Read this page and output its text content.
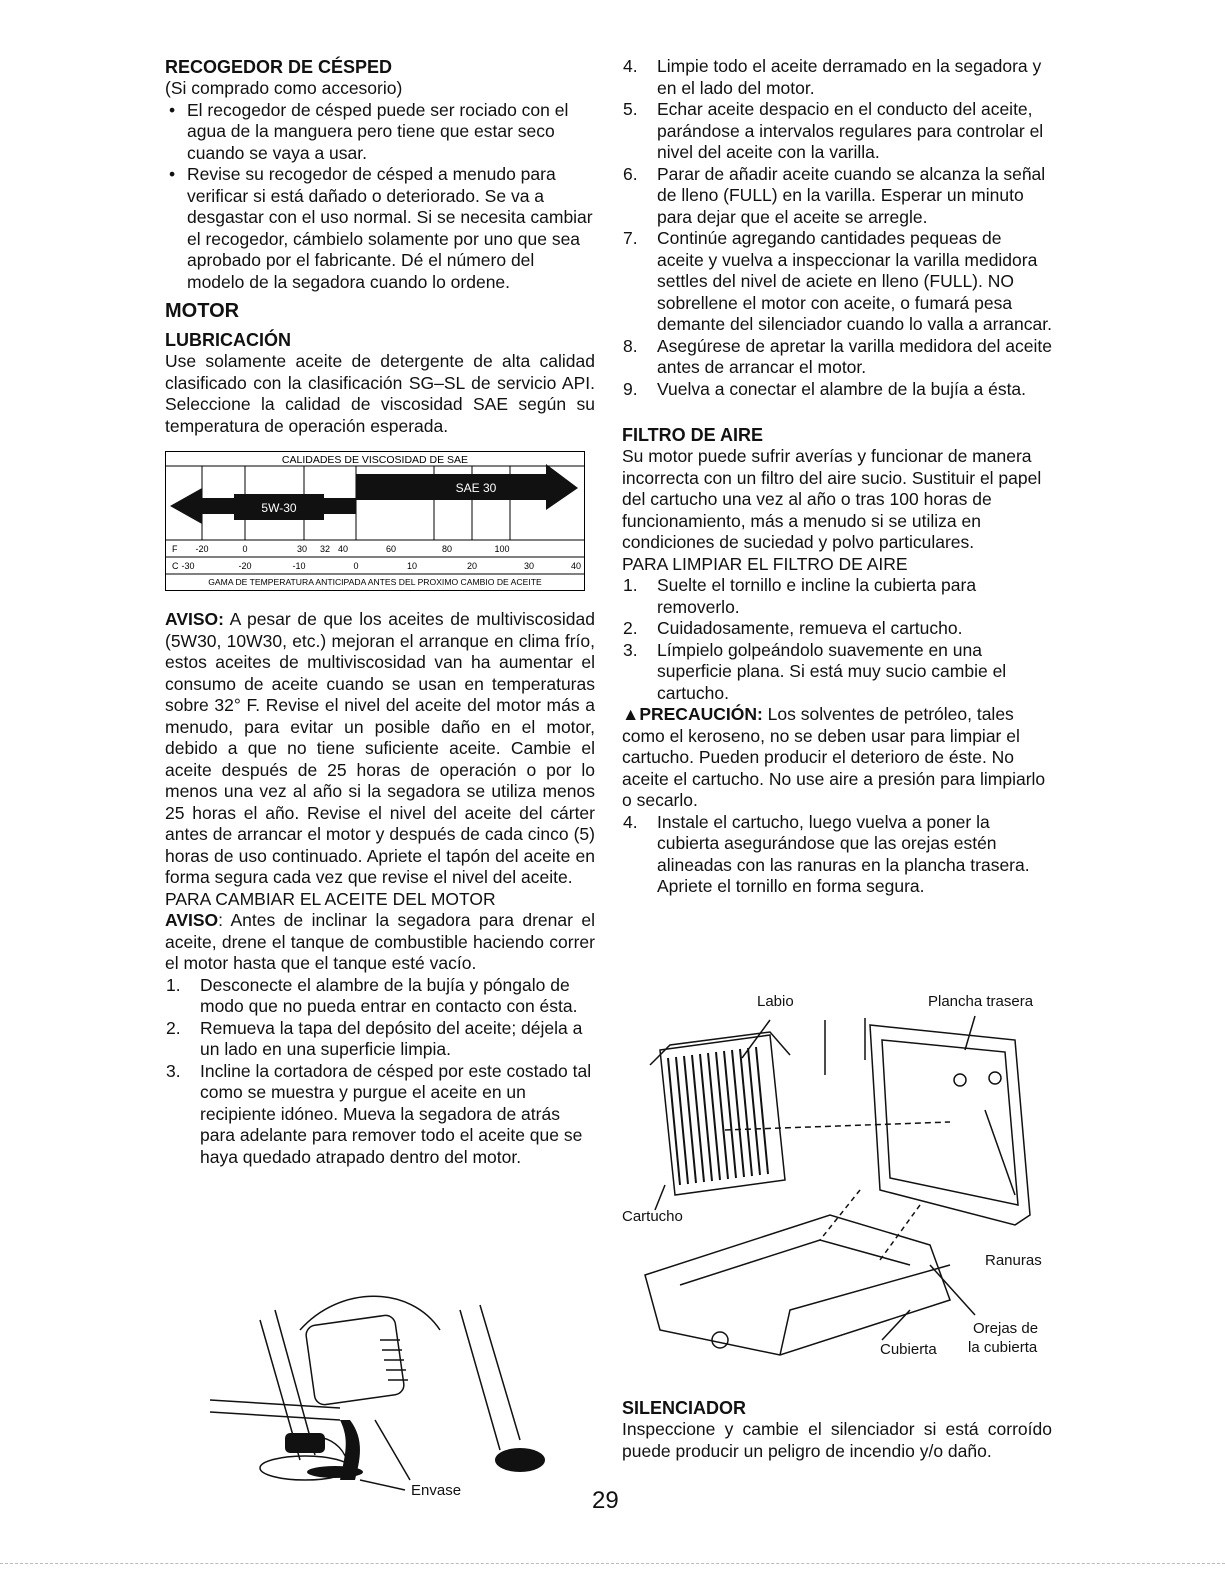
RECOGEDOR DE CÉSPED

(Si comprado como accesorio)

• El recogedor de césped puede ser rociado con el agua de la manguera pero tiene que estar seco cuando se vaya a usar.
• Revise su recogedor de césped a menudo para verificar si está dañado o deteriorado. Se va a desgastar con el uso normal. Si se necesita cambiar el recogedor, cámbielo solamente por uno que sea aprobado por el fabricante. Dé el número del modelo de la segadora cuando lo ordene.

MOTOR

LUBRICACIÓN

Use solamente aceite de detergente de alta calidad clasificado con la clasificación SG–SL de servicio API. Seleccione la calidad de viscosidad SAE según su temperatura de operación esperada.

5W-30
SAE 30
CALIDADES DE VISCOSIDAD DE SAE
F -20	0	30 32 40	60	80	100
C -30	-20	-10	0	10	20	30	40
GAMA DE TEMPERATURA ANTICIPADA ANTES DEL PROXIMO CAMBIO DE ACEITE

AVISO: A pesar de que los aceites de multiviscosidad (5W30, 10W30, etc.) mejoran el arranque en clima frío, estos aceites de multiviscosidad van ha aumentar el consumo de aceite cuando se usan en temperaturas sobre 32° F. Revise el nivel del aceite del motor más a menudo, para evitar un posible daño en el motor, debido a que no tiene suficiente aceite. Cambie el aceite después de 25 horas de operación o por lo menos una vez al año si la segadora se utiliza menos 25 horas el año. Revise el nivel del aceite del cárter antes de arrancar el motor y después de cada cinco (5) horas de uso continuado. Apriete el tapón del aceite en forma segura cada vez que revise el nivel del aceite.

PARA CAMBIAR EL ACEITE DEL MOTOR

AVISO: Antes de inclinar la segadora para drenar el aceite, drene el tanque de combustible haciendo correr el motor hasta que el tanque esté vacío.

1. Desconecte el alambre de la bujía y póngalo de modo que no pueda entrar en contacto con ésta.
2. Remueva la tapa del depósito del aceite; déjela a un lado en una superficie limpia.
3. Incline la cortadora de césped por este costado tal como se muestra y purgue el aceite en un recipiente idóneo. Mueva la segadora de atrás para adelante para remover todo el aceite que se haya quedado atrapado dentro del motor.
Envase
4. Limpie todo el aceite derramado en la segadora y en el lado del motor.
5. Echar aceite despacio en el conducto del aceite, parándose a intervalos regulares para controlar el nivel del aceite con la varilla.
6. Parar de añadir aceite cuando se alcanza la señal de lleno (FULL) en la varilla. Esperar un minuto para dejar que el aceite se arregle.
7. Continúe agregando cantidades pequeas de aceite y vuelva a inspeccionar la varilla medidora settles del nivel de aciete en lleno (FULL). NO sobrellene el motor con aceite, o fumará pesa demante del silenciador cuando lo valla a arrancar.
8. Asegúrese de apretar la varilla medidora del aceite antes de arrancar el motor.
9. Vuelva a conectar el alambre de la bujía a ésta.

FILTRO DE AIRE

Su motor puede sufrir averías y funcionar de manera incorrecta con un filtro del aire sucio. Sustituir el papel del cartucho una vez al año o tras 100 horas de funcionamiento, más a menudo si se utiliza en condiciones de suciedad y polvo particulares.

PARA LIMPIAR EL FILTRO DE AIRE

1. Suelte el tornillo e incline la cubierta para removerlo.
2. Cuidadosamente, remueva el cartucho.
3. Límpielo golpeándolo suavemente en una superficie plana. Si está muy sucio cambie el cartucho.

▲PRECAUCIÓN: Los solventes de petróleo, tales como el keroseno, no se deben usar para limpiar el cartucho. Pueden producir el deterioro de éste. No aceite el cartucho. No use aire a presión para limpiarlo o secarlo.

4. Instale el cartucho, luego vuelva a poner la cubierta asegurándose que las orejas estén alineadas con las ranuras en la plancha trasera. Apriete el tornillo en forma segura.
Labio	Plancha trasera
Cartucho
Ranuras
Orejas de
la cubierta
Cubierta

SILENCIADOR

Inspeccione y cambie el silenciador si está corroído puede producir un peligro de incendio y/o daño.

29
